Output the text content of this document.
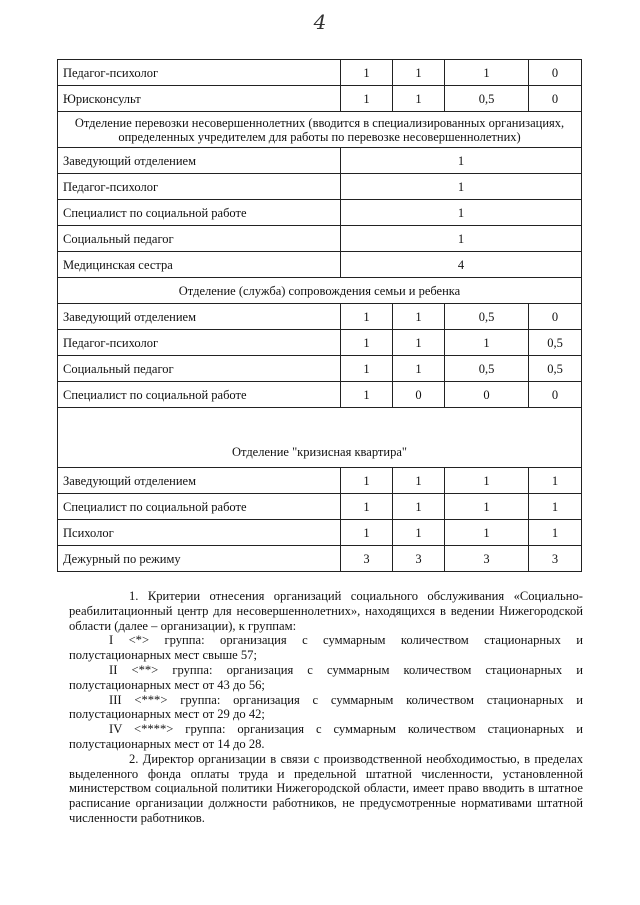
4
Педагог-психолог	1	1	1	0
Юрисконсульт	1	1	0,5	0
Отделение перевозки несовершеннолетних (вводится в специализированных организациях, определенных учредителем для работы по перевозке несовершеннолетних)				
Заведующий отделением	1			
Педагог-психолог	1			
Специалист по социальной работе	1			
Социальный педагог	1			
Медицинская сестра	4			
Отделение (служба) сопровождения семьи и ребенка				
Заведующий отделением	1	1	0,5	0
Педагог-психолог	1	1	1	0,5
Социальный педагог	1	1	0,5	0,5
Специалист по социальной работе	1	0	0	0
Отделение "кризисная квартира"				
Заведующий отделением	1	1	1	1
Специалист по социальной работе	1	1	1	1
Психолог	1	1	1	1
Дежурный по режиму	3	3	3	3

1. Критерии отнесения организаций социального обслуживания «Социально-реабилитационный центр для несовершеннолетних», находящихся в ведении Нижегородской области (далее – организации), к группам:

I <*> группа: организация с суммарным количеством стационарных и полустационарных мест свыше 57;

II <**> группа: организация с суммарным количеством стационарных и полустационарных мест от 43 до 56;

III <***> группа: организация с суммарным количеством стационарных и полустационарных мест от 29 до 42;

IV <****> группа: организация с суммарным количеством стационарных и полустационарных мест от 14 до 28.

2. Директор организации в связи с производственной необходимостью, в пределах выделенного фонда оплаты труда и предельной штатной численности, установленной министерством социальной политики Нижегородской области, имеет право вводить в штатное расписание организации должности работников, не предусмотренные нормативами штатной численности работников.
